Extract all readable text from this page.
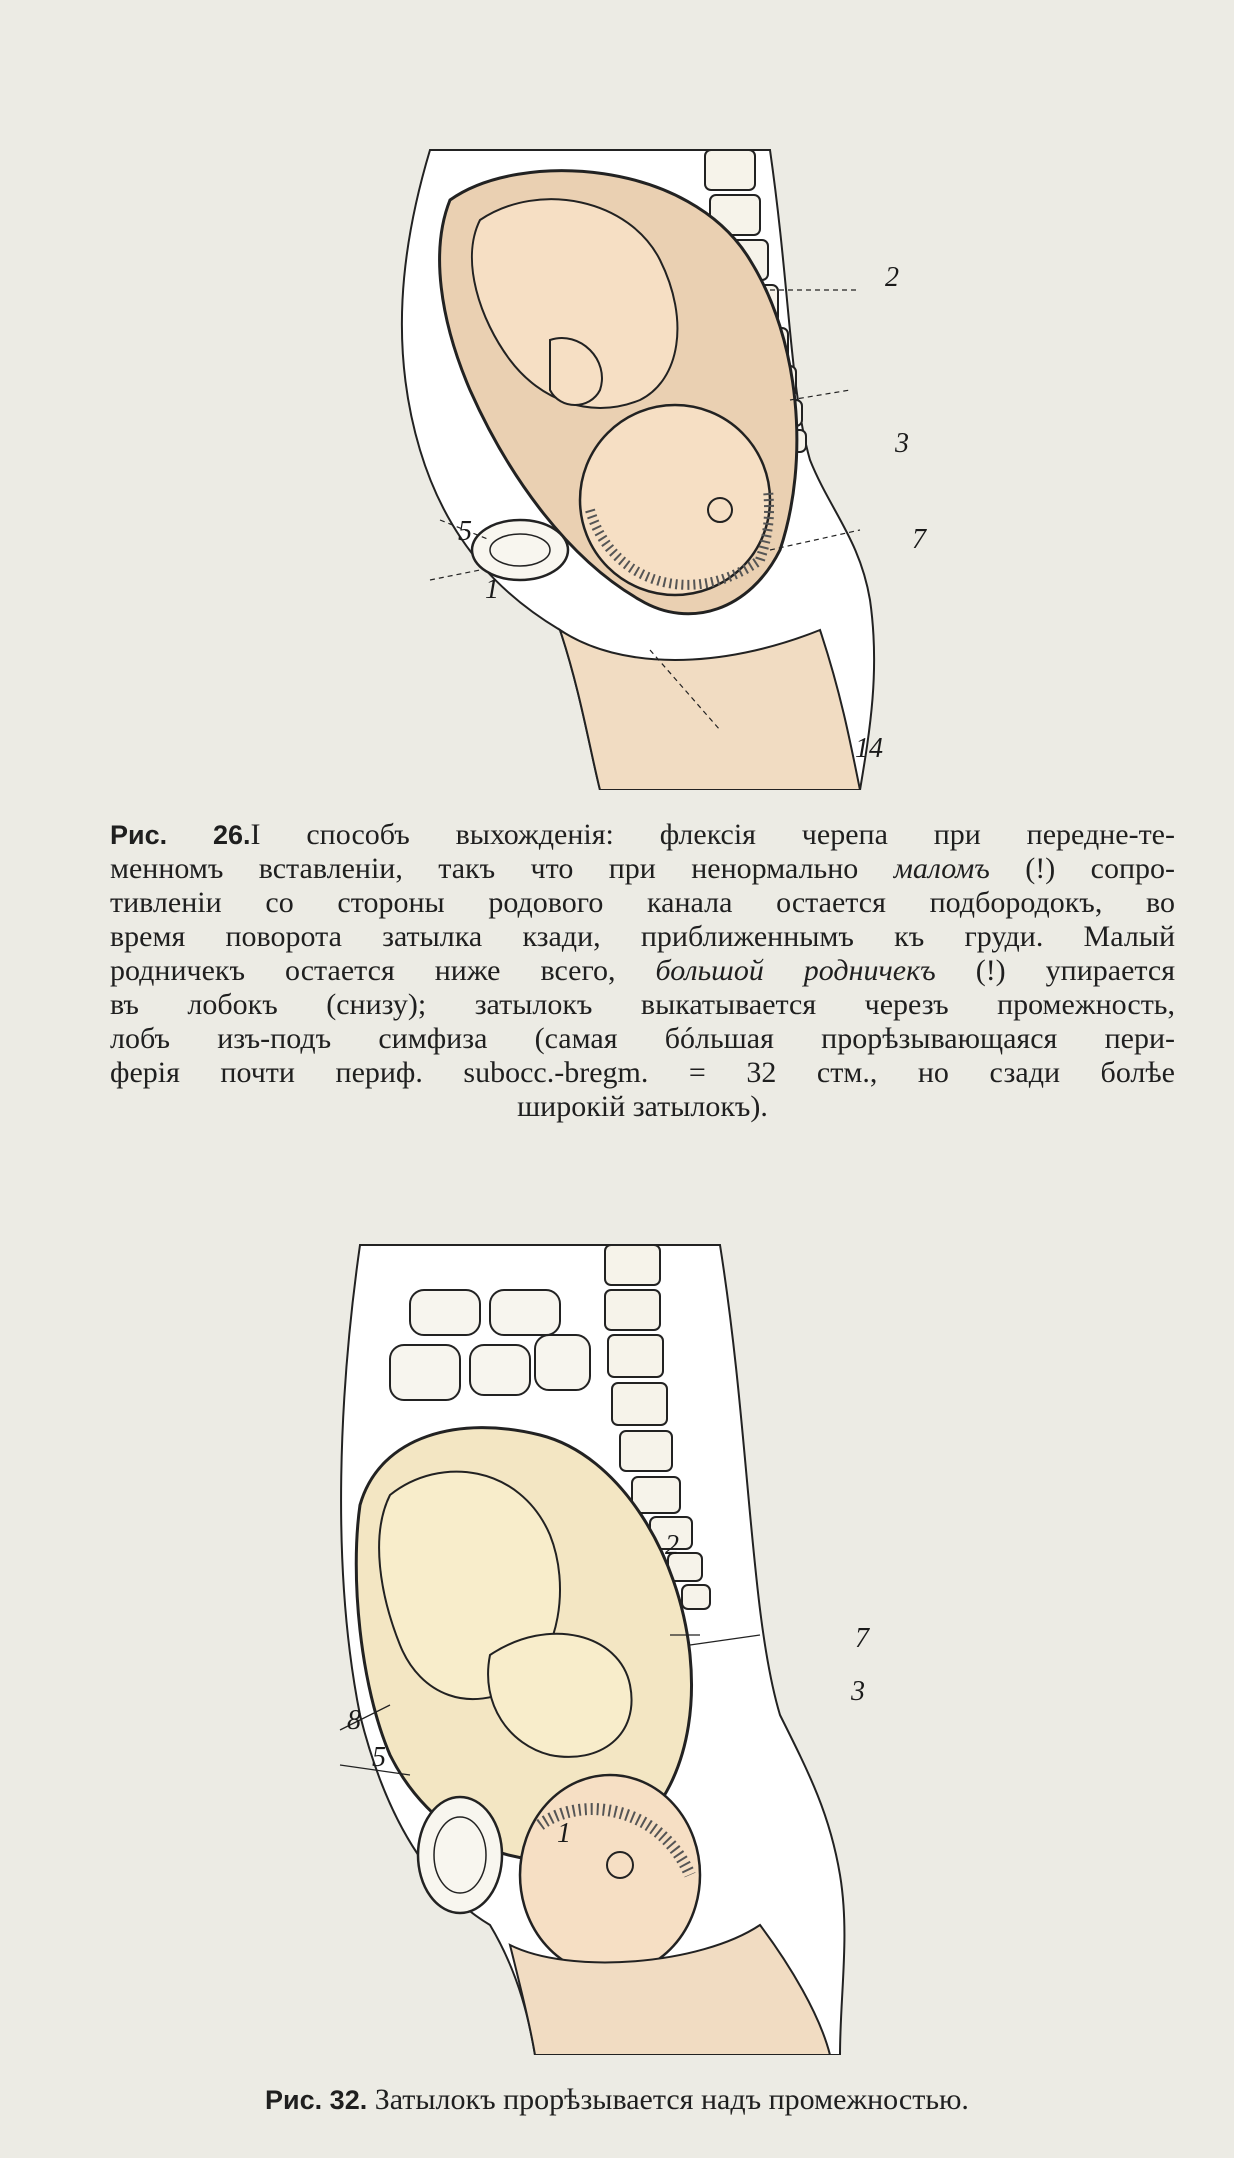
2
3
7
5
1
14
Рис. 26.I способъ выхожденія: флексія черепа при передне-те-
менномъ вставленіи, такъ что при ненормально маломъ (!) сопро-
тивленіи со стороны родового канала остается подбородокъ, во
время поворота затылка кзади, приближеннымъ къ груди. Малый
родничекъ остается ниже всего, большой родничекъ (!) упирается
въ лобокъ (снизу); затылокъ выкатывается черезъ промежность,
лобъ изъ-подъ симфиза (самая бóльшая прорѣзывающаяся пери-
ферія почти периф. subocc.-bregm. = 32 стм., но сзади болѣе
широкій затылокъ).
2
7
3
8
5
1
Рис. 32. Затылокъ прорѣзывается надъ промежностью.
